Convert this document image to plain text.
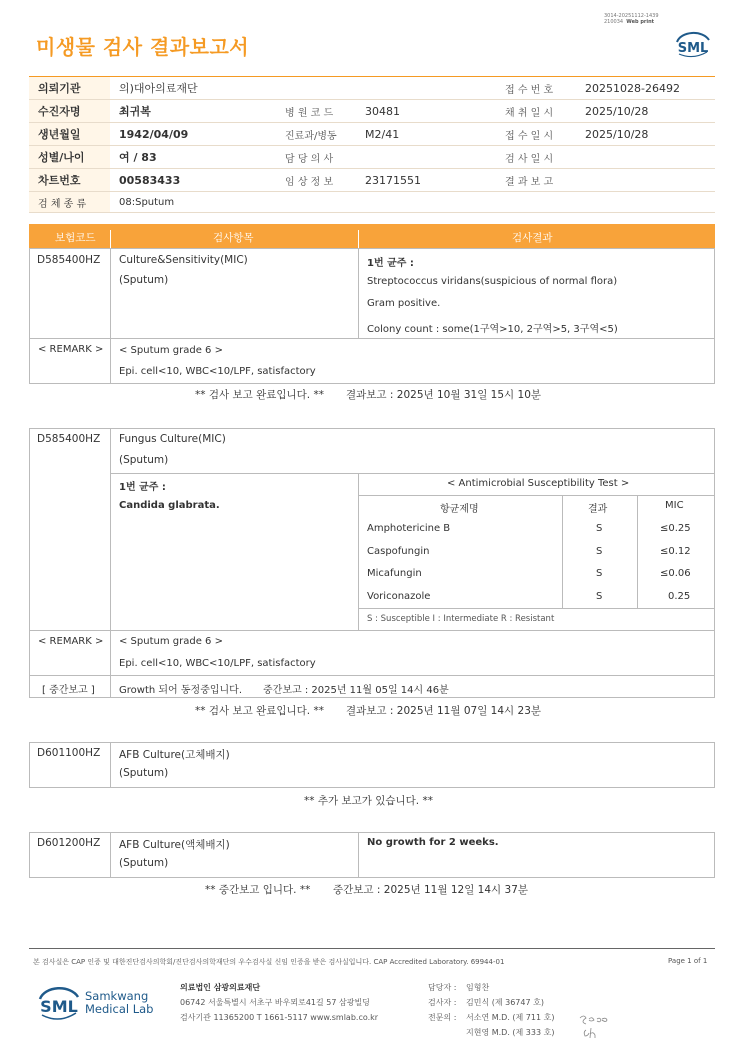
미생물 검사 결과보고서
3014-20251112-1439
210034 Web print
SML
의뢰기관	의)대아의료재단			접 수 번 호	20251028-26492
수진자명	최귀복	병 원 코 드	30481	채 취 일 시	2025/10/28
생년월일	1942/04/09	진료과/병동	M2/41	접 수 일 시	2025/10/28
성별/나이	여 / 83	담 당 의 사		검 사 일 시	
차트번호	00583433	임 상 정 보	23171551	결 과 보 고	
검 체 종 류	08:Sputum				
보험코드	검사항목	검사결과
D585400HZ Culture&Sensitivity(MIC)
(Sputum)
1번 균주 :
Streptococcus viridans(suspicious of normal flora)
Gram positive.
Colony count : some(1구역>10, 2구역>5, 3구역<5)
< REMARK > < Sputum grade 6 >
Epi. cell<10, WBC<10/LPF, satisfactory
** 검사 보고 완료입니다. ** 결과보고 : 2025년 10월 31일 15시 10분
D585400HZ Fungus Culture(MIC)
(Sputum)
1번 균주 :
Candida glabrata.
< Antimicrobial Susceptibility Test >
항균제명	결과	MIC
Amphotericine B	S	≤0.25
Caspofungin	S	≤0.12
Micafungin	S	≤0.06
Voriconazole	S	0.25
S : Susceptible I : Intermediate R : Resistant
< REMARK > < Sputum grade 6 >
Epi. cell<10, WBC<10/LPF, satisfactory
[ 중간보고 ] Growth 되어 동정중입니다. 중간보고 : 2025년 11월 05일 14시 46분
** 검사 보고 완료입니다. ** 결과보고 : 2025년 11월 07일 14시 23분
D601100HZ AFB Culture(고체배지)
(Sputum)
** 추가 보고가 있습니다. **
D601200HZ AFB Culture(액체배지)
(Sputum)
No growth for 2 weeks.
** 중간보고 입니다. ** 중간보고 : 2025년 11월 12일 14시 37분
본 검사실은 CAP 인증 및 대한진단검사의학회/진단검사의학재단의 우수검사실 신임 인증을 받은 검사실입니다. CAP Accredited Laboratory. 69944-01	Page 1 of 1
SML
Samkwang
Medical Lab
의료법인 삼광의료재단
06742 서울특별시 서초구 바우뫼로41길 57 삼광빌딩
검사기관 11365200 T 1661-5117 www.smlab.co.kr
담당자 : 임형찬
검사자 : 김민식 (제 36747 호)
전문의 : 서소연 M.D. (제 711 호)
지현영 M.D. (제 333 호)
